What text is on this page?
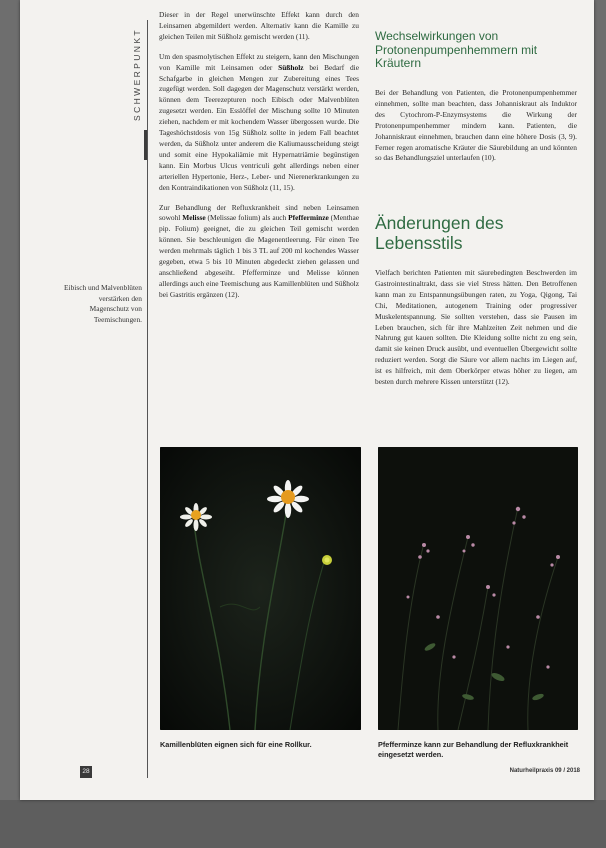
SCHWERPUNKT
Eibisch und Malvenblüten verstärken den Magenschutz von Teemischungen.

Dieser in der Regel unerwünschte Effekt kann durch den Leinsamen abgemildert werden. Alternativ kann die Kamille zu gleichen Teilen mit Süßholz gemischt werden (11).

Um den spasmolytischen Effekt zu steigern, kann den Mischungen von Kamille mit Leinsamen oder Süßholz bei Bedarf die Schafgarbe in gleichen Mengen zur Zubereitung eines Tees zugefügt werden. Soll dagegen der Magenschutz verstärkt werden, können dem Teerezepturen noch Eibisch oder Malvenblüten zugesetzt werden. Ein Esslöffel der Mischung sollte 10 Minuten ziehen, nachdem er mit kochendem Wasser übergossen wurde. Die Tageshöchstdosis von 15g Süßholz sollte in jedem Fall beachtet werden, da Süßholz unter anderem die Kaliumausscheidung steigt und somit eine Hypokaliämie mit Hypernatriämie begünstigen kann. Ein Morbus Ulcus ventriculi geht allerdings neben einer arteriellen Hypertonie, Herz-, Leber- und Nierenerkrankungen zu den Kontraindikationen von Süßholz (11, 15).

Zur Behandlung der Refluxkrankheit sind neben Leinsamen sowohl Melisse (Melissae folium) als auch Pfefferminze (Menthae pip. Folium) geeignet, die zu gleichen Teil gemischt werden können. Sie beschleunigen die Magenentleerung. Für einen Tee werden mehrmals täglich 1 bis 3 TL auf 200 ml kochendes Wasser gegeben, etwa 5 bis 10 Minuten abgedeckt ziehen gelassen und anschließend abgeseiht. Pfefferminze und Melisse können allerdings auch eine Teemischung aus Kamillenblüten und Süßholz bei Gastritis ergänzen (12).

Wechselwirkungen von Protonenpumpenhemmern mit Kräutern

Bei der Behandlung von Patienten, die Protonenpumpenhemmer einnehmen, sollte man beachten, dass Johanniskraut als Induktor des Cytochrom-P-Enzymsystems die Wirkung der Protonenpumpenhemmer mindern kann. Patienten, die Johanniskraut einnehmen, brauchen dann eine höhere Dosis (3, 9). Ferner regen aromatische Kräuter die Säurebildung an und könnten so das Behandlungsziel unterlaufen (10).

Änderungen des Lebensstils

Vielfach berichten Patienten mit säurebedingten Beschwerden im Gastrointestinaltrakt, dass sie viel Stress hätten. Den Betroffenen kann man zu Entspannungsübungen raten, zu Yoga, Qigong, Tai Chi, Meditationen, autogenem Training oder progressiver Muskelentspannung. Sie sollten verstehen, dass sie Pausen im Leben brauchen, sich für ihre Mahlzeiten Zeit nehmen und die Nahrung gut kauen sollten. Die Kleidung sollte nicht zu eng sein, damit sie keinen Druck ausübt, und eventuellen Übergewicht sollte reduziert werden. Sorgt die Säure vor allem nachts im Liegen auf, ist es hilfreich, mit dem Oberkörper etwas höher zu liegen, am besten durch mehrere Kissen unterstützt (12).

Kamillenblüten eignen sich für eine Rollkur.	Pfefferminze kann zur Behandlung der Refluxkrankheit eingesetzt werden.
28	Naturheilpraxis 09 / 2018
